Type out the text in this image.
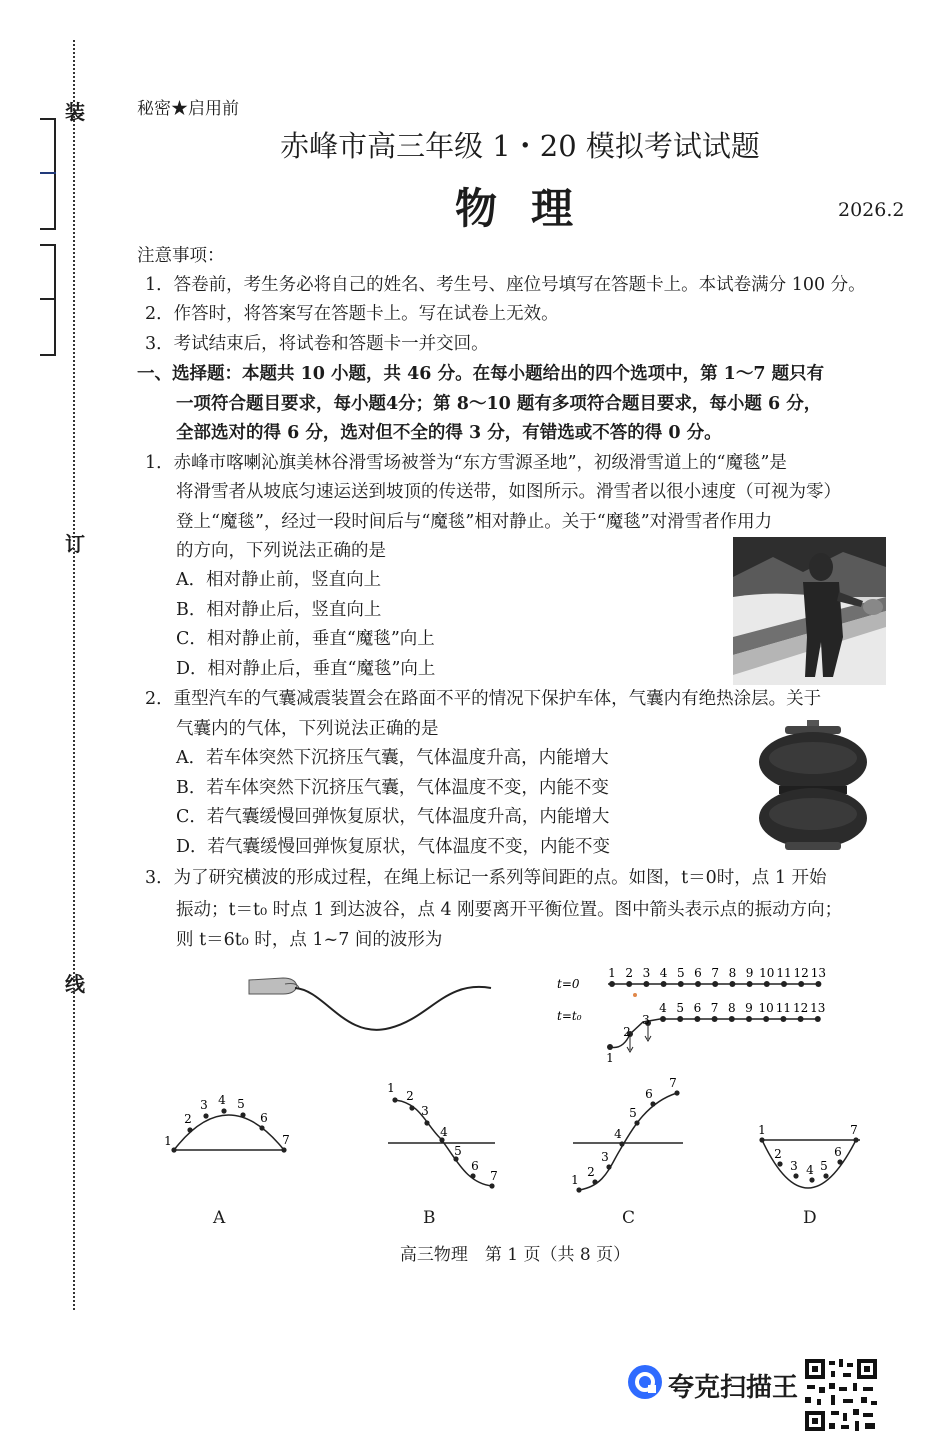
装
订
线
秘密★启用前
赤峰市高三年级 1・20 模拟考试试题
物理	2026.2
注意事项：
1．答卷前，考生务必将自己的姓名、考生号、座位号填写在答题卡上。本试卷满分 100 分。
2．作答时，将答案写在答题卡上。写在试卷上无效。
3．考试结束后，将试卷和答题卡一并交回。
一、选择题：本题共 10 小题，共 46 分。在每小题给出的四个选项中，第 1～7 题只有
一项符合题目要求，每小题4分；第 8～10 题有多项符合题目要求，每小题 6 分，
全部选对的得 6 分，选对但不全的得 3 分，有错选或不答的得 0 分。
1．赤峰市喀喇沁旗美林谷滑雪场被誉为“东方雪源圣地”，初级滑雪道上的“魔毯”是
将滑雪者从坡底匀速运送到坡顶的传送带，如图所示。滑雪者以很小速度（可视为零）
登上“魔毯”，经过一段时间后与“魔毯”相对静止。关于“魔毯”对滑雪者作用力
的方向，下列说法正确的是
A．相对静止前，竖直向上
B．相对静止后，竖直向上
C．相对静止前，垂直“魔毯”向上
D．相对静止后，垂直“魔毯”向上
2．重型汽车的气囊减震装置会在路面不平的情况下保护车体，气囊内有绝热涂层。关于
气囊内的气体，下列说法正确的是
A．若车体突然下沉挤压气囊，气体温度升高，内能增大
B．若车体突然下沉挤压气囊，气体温度不变，内能不变
C．若气囊缓慢回弹恢复原状，气体温度升高，内能增大
D．若气囊缓慢回弹恢复原状，气体温度不变，内能不变
3．为了研究横波的形成过程，在绳上标记一系列等间距的点。如图，t＝0时，点 1 开始
振动；t＝t₀ 时点 1 到达波谷，点 4 刚要离开平衡位置。图中箭头表示点的振动方向；
则 t＝6t₀ 时，点 1~7 间的波形为
t=0
t=t₀
1 2 3 4 5 6 7 8 9 10 11 12 13
4 5 6 7 8 9 10 11 12 13
1
2
3
1
2
3 4 5
6
7
A
1
2
3
4
5
6
7
B
1
2
3
4
5
6
7
C
1
2
3 4 5
6
7
D
高三物理　第 1 页（共 8 页）
夸克扫描王
